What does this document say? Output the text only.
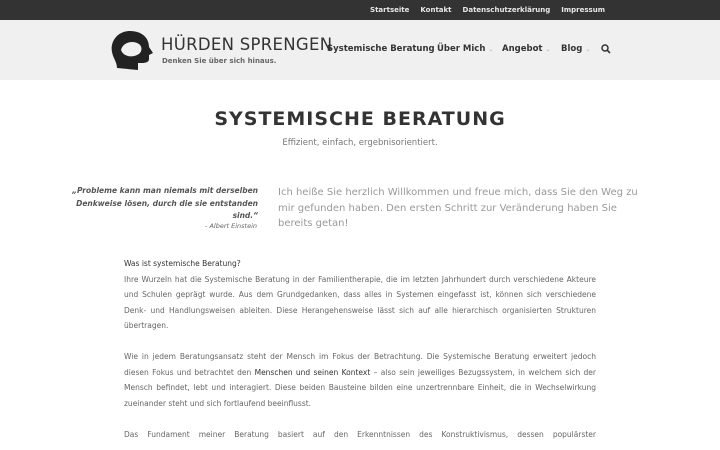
Startseite Kontakt Datenschutzerklärung Impressum
HÜRDEN SPRENGEN
Denken Sie über sich hinaus.
Systemische Beratung Über Mich ⌄ Angebot ⌄ Blog ⌄
SYSTEMISCHE BERATUNG
Effizient, einfach, ergebnisorientiert.
„Probleme kann man niemals mit derselben Denkweise lösen, durch die sie entstanden sind.“
- Albert Einstein
Ich heiße Sie herzlich Willkommen und freue mich, dass Sie den Weg zu mir gefunden haben. Den ersten Schritt zur Veränderung haben Sie bereits getan!
Was ist systemische Beratung?

Ihre Wurzeln hat die Systemische Beratung in der Familientherapie, die im letzten Jahrhundert durch verschiedene Akteure und Schulen geprägt wurde. Aus dem Grundgedanken, dass alles in Systemen eingefasst ist, können sich verschiedene Denk- und Handlungsweisen ableiten. Diese Herangehensweise lässt sich auf alle hierarchisch organisierten Strukturen übertragen.

Wie in jedem Beratungsansatz steht der Mensch im Fokus der Betrachtung. Die Systemische Beratung erweitert jedoch diesen Fokus und betrachtet den Menschen und seinen Kontext – also sein jeweiliges Bezugssystem, in welchem sich der Mensch befindet, lebt und interagiert. Diese beiden Bausteine bilden eine unzertrennbare Einheit, die in Wechselwirkung zueinander steht und sich fortlaufend beeinflusst.

Das Fundament meiner Beratung basiert auf den Erkenntnissen des Konstruktivismus, dessen populärster
